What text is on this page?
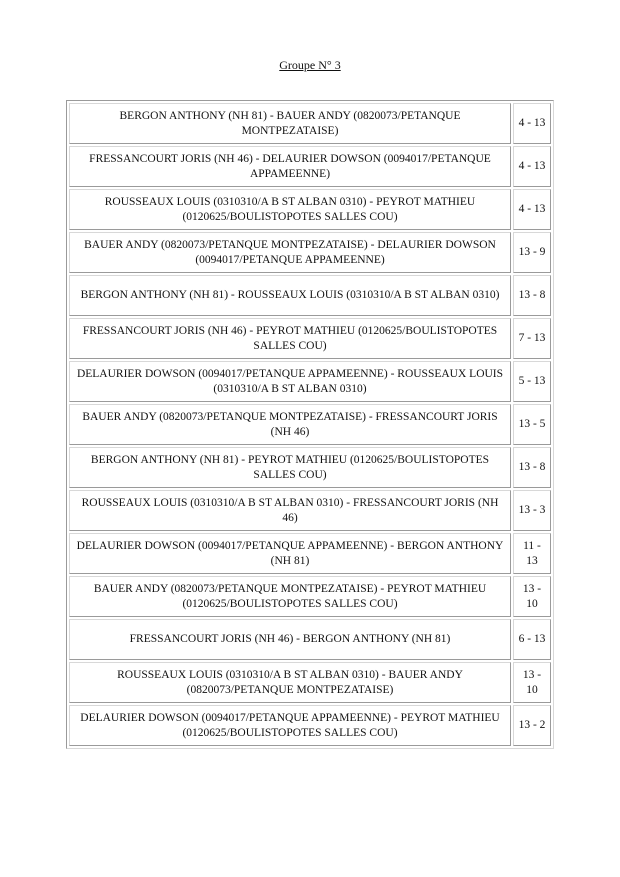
Groupe N° 3
BERGON ANTHONY (NH 81) - BAUER ANDY (0820073/PETANQUE MONTPEZATAISE)	4 - 13
FRESSANCOURT JORIS (NH 46) - DELAURIER DOWSON (0094017/PETANQUE APPAMEENNE)	4 - 13
ROUSSEAUX LOUIS (0310310/A B ST ALBAN 0310) - PEYROT MATHIEU (0120625/BOULISTOPOTES SALLES COU)	4 - 13
BAUER ANDY (0820073/PETANQUE MONTPEZATAISE) - DELAURIER DOWSON (0094017/PETANQUE APPAMEENNE)	13 - 9
BERGON ANTHONY (NH 81) - ROUSSEAUX LOUIS (0310310/A B ST ALBAN 0310)	13 - 8
FRESSANCOURT JORIS (NH 46) - PEYROT MATHIEU (0120625/BOULISTOPOTES SALLES COU)	7 - 13
DELAURIER DOWSON (0094017/PETANQUE APPAMEENNE) - ROUSSEAUX LOUIS (0310310/A B ST ALBAN 0310)	5 - 13
BAUER ANDY (0820073/PETANQUE MONTPEZATAISE) - FRESSANCOURT JORIS (NH 46)	13 - 5
BERGON ANTHONY (NH 81) - PEYROT MATHIEU (0120625/BOULISTOPOTES SALLES COU)	13 - 8
ROUSSEAUX LOUIS (0310310/A B ST ALBAN 0310) - FRESSANCOURT JORIS (NH 46)	13 - 3
DELAURIER DOWSON (0094017/PETANQUE APPAMEENNE) - BERGON ANTHONY (NH 81)	11 - 13
BAUER ANDY (0820073/PETANQUE MONTPEZATAISE) - PEYROT MATHIEU (0120625/BOULISTOPOTES SALLES COU)	13 - 10
FRESSANCOURT JORIS (NH 46) - BERGON ANTHONY (NH 81)	6 - 13
ROUSSEAUX LOUIS (0310310/A B ST ALBAN 0310) - BAUER ANDY (0820073/PETANQUE MONTPEZATAISE)	13 - 10
DELAURIER DOWSON (0094017/PETANQUE APPAMEENNE) - PEYROT MATHIEU (0120625/BOULISTOPOTES SALLES COU)	13 - 2
